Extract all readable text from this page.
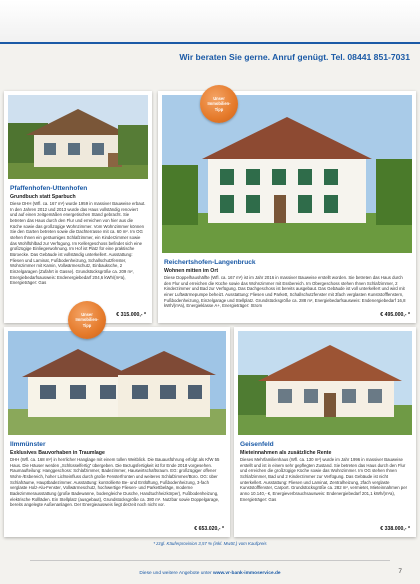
Wir beraten Sie gerne. Anruf genügt. Tel. 08441 851-7031
Pfaffenhofen-Uttenhofen
Grundbuch statt Sparbuch
Diese DHH (Wfl. ca. 167 m²) wurde 1959 in massiver Bauweise erbaut. In den Jahren 2012 und 2013 wurde das Haus vollständig renoviert und auf einen zeitgemäßen energetischen Stand gebracht. Sie betreten das Haus durch den Flur und erreichen von hier aus die Küche sowie das großzügige Wohnzimmer. Vom Wohnzimmer können Sie den Garten betreten sowie die Dachterrasse mit ca. 60 m². Im OG stehen Ihnen ein geräumiges Schlafzimmer, ein Kinderzimmer sowie das Wohlfühlbad zur Verfügung. Im Kellergeschoss befindet sich eine großzügige Einliegerwohnung. Im Hof ist Platz für eine praktische Büroecke. Das Gebäude ist vollständig unterkellert. Ausstattung: Fliesen und Laminat, Fußbodenheizung, Schallschutzfenster, Wohnzimmer mit Kamin, Vollwärmeschutz, Einbauküche, 2 Einzelgaragen (Zufahrt in Gasse). Grundstücksgröße ca. 209 m², Energiebedarfsausweis: Endenergiebedarf 204,6 kWh/(m²a), Energieträger: Gas
€ 315.000,- *
Reichertshofen-Langenbruck
Wohnen mitten im Ort
Diese Doppelhaushälfte (Wfl. ca. 167 m²) ist im Jahr 2016 in massiver Bauweise erstellt worden. Sie betreten das Haus durch den Flur und erreichen die Küche sowie das Wohnzimmer mit Essbereich. Im Obergeschoss stehen Ihnen Schlafzimmer, 2 Kinderzimmer und Bad zur Verfügung. Das Dachgeschoss ist bereits ausgebaut. Das Gebäude ist voll unterkellert und wird mit einer Luftwärmepumpe beheizt. Ausstattung: Fliesen und Parkett, Schallschutzfenster mit 3fach verglasten Kunststofffenstern, Fußbodenheizung, Einzelgarage und Stellplatz. Grundstücksgröße ca. 288 m², Energiebedarfsausweis: Endenergiebedarf 16,8 kWh/(m²a), Energieklasse A+, Energieträger: Strom
€ 495.000,- *
Unser Immobilien-Tipp
Ilmmünster
Exklusives Bauvorhaben in Traumlage
DHH (Wfl. ca. 168 m²) in herrlicher Hanglage mit einem tollen Weitblick. Die Bauausführung erfolgt als KfW 55 Haus. Die Häuser werden „Schlüsselfertig“ übergeben. Die Bezugsfertigkeit ist für Ende 2018 vorgesehen. Raumaufteilung: Hanggeschoss: Schlafzimmer, Badezimmer, Hauswirtschaftsraum. EG: großzügiger offener Wohn-/Esbereich, hoher Lichteinfluss durch große Fensterfronten und weiteres Schlafzimmer/Büro. OG: über Schlafräume, Hauptbadezimmer. Ausstattung: kontrollierte Be- und Entlüftung, Fußbodenheizung, 3-fach verglaste Holz-Alu-Fenster, Vollwärmeschutz, hochwertige Fliesen- und Parkettbeläge, moderne Badezimmerausstattung (große Badewanne, bodengleiche Dusche, Handtuchheizkörper), Fußbodenheizung, elektrische Rollläden. Ein Stellplatz (ausgebaut), Grundstücksgröße ca. 380 m². Nutzbar sowie Doppelgarage, bereits angelegte Außenanlagen. Der Energieausweis liegt derzeit noch nicht vor.
€ 653.020,- *
Unser Immobilien-Tipp
Geisenfeld
Mieteinnahmen als zusätzliche Rente
Dieses Mehrfamilienhaus (Wfl. ca. 130 m²) wurde im Jahr 1996 in massiver Bauweise erstellt und ist in einem sehr gepflegten Zustand. Sie betreten das Haus durch den Flur und erreichen die großzügige Küche sowie das Wohnzimmer. Im OG stehen Ihnen Schlafzimmer, Bad und 2 Kinderzimmer zur Verfügung. Das Gebäude ist nicht unterkellert. Ausstattung: Fliesen und Laminat, Zentralheizung, 2fach verglaste Kunststofffenster, Carport. Grundstücksgröße ca. 282 m², vermietet, Mieteinnahmen per anno 10.140,- €, Energieverbrauchsausweis: Endenergiebedarf 201,1 kWh/(m²a), Energieträger: Gas
€ 338.000,- *
* zzgl. Käuferprovision 3,57 % (inkl. MwSt.) vom Kaufpreis
Diese und weitere Angebote unter www.vr-bank-immoservice.de	7
